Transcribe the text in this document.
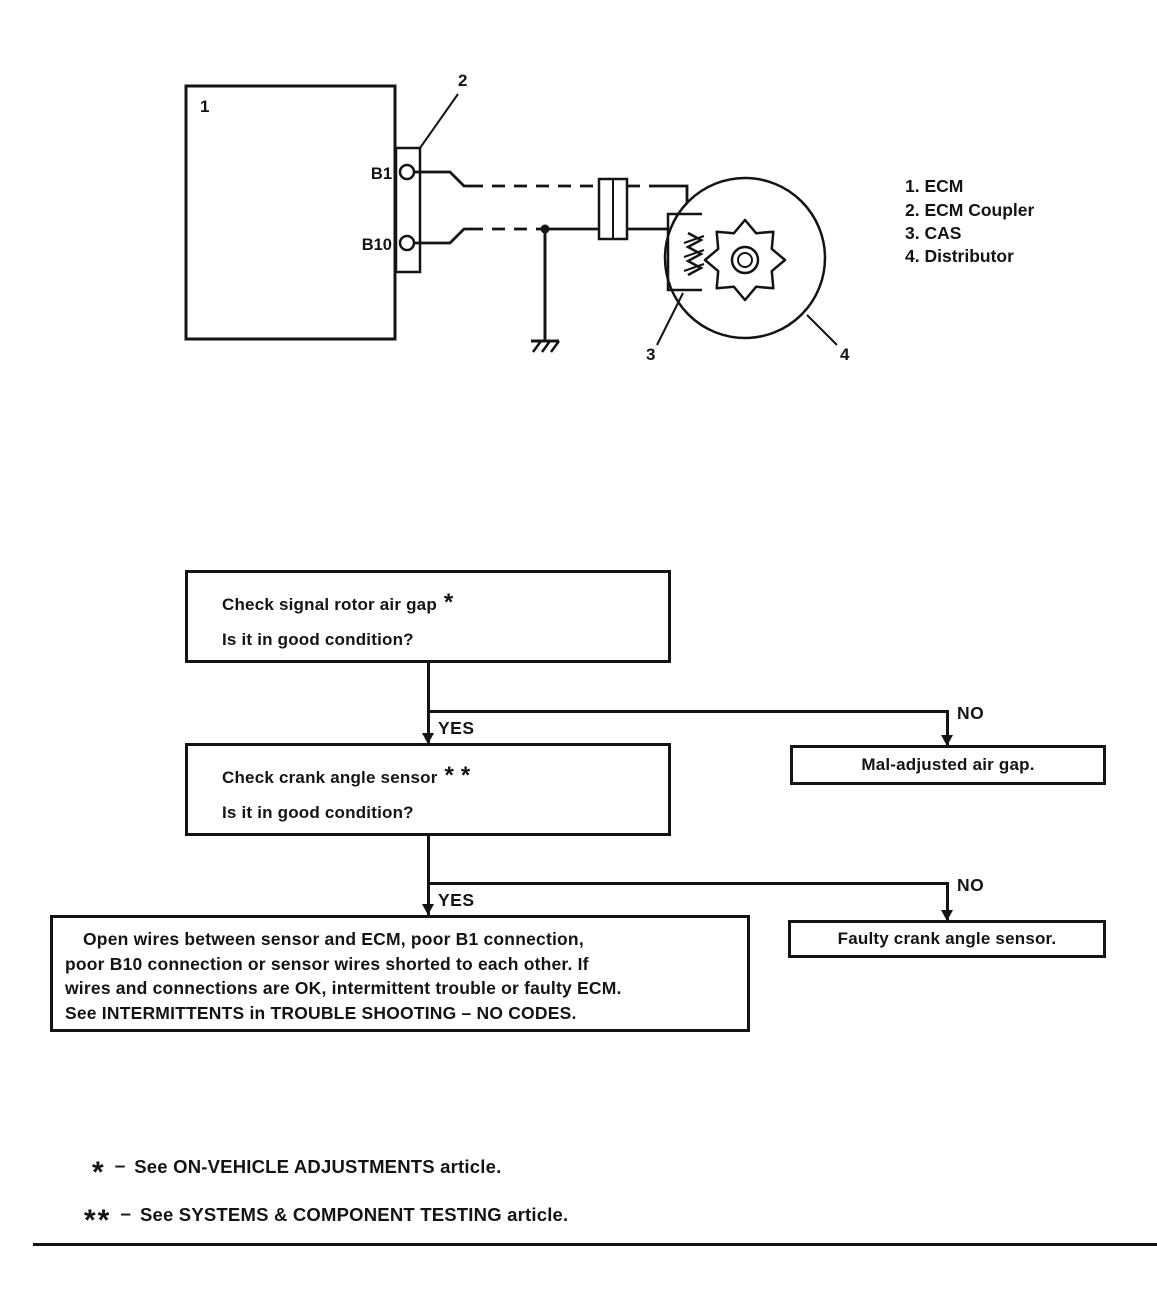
1
2
B1
B10
3	4
1. ECM
2. ECM Coupler
3. CAS
4. Distributor
Check signal rotor air gap *
Is it in good condition?
YES
NO
Mal-adjusted air gap.
Check crank angle sensor * *
Is it in good condition?
YES
NO
Faulty crank angle sensor.
Open wires between sensor and ECM, poor B1 connection,
poor B10 connection or sensor wires shorted to each other. If
wires and connections are OK, intermittent trouble or faulty ECM.
See INTERMITTENTS in TROUBLE SHOOTING – NO CODES.
* – See ON-VEHICLE ADJUSTMENTS article.
** – See SYSTEMS & COMPONENT TESTING article.
